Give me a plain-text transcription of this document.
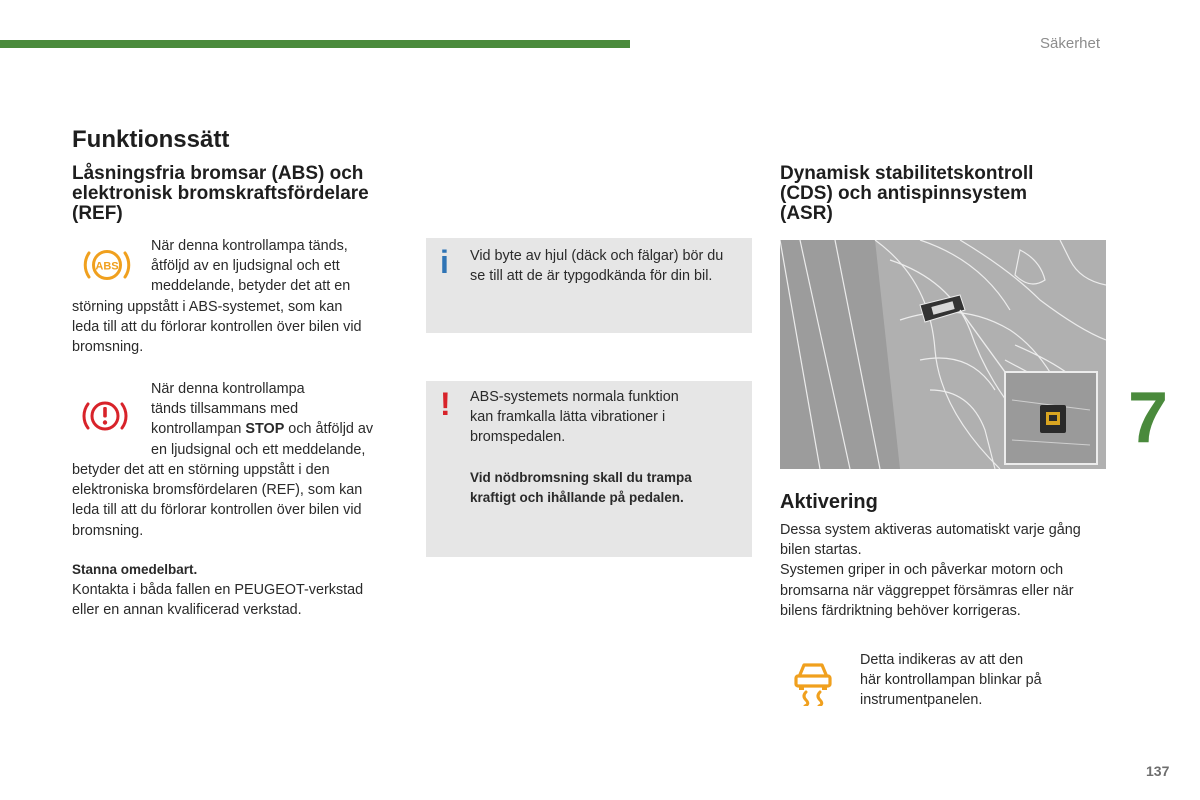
Säkerhet
Funktionssätt
Låsningsfria bromsar (ABS) och
elektronisk bromskraftsfördelare
(REF)
ABS
När denna kontrollampa tänds,
åtföljd av en ljudsignal och ett
meddelande, betyder det att en
störning uppstått i ABS-systemet, som kan
leda till att du förlorar kontrollen över bilen vid
bromsning.
När denna kontrollampa
tänds tillsammans med
kontrollampan STOP och åtföljd av
en ljudsignal och ett meddelande,
betyder det att en störning uppstått i den
elektroniska bromsfördelaren (REF), som kan
leda till att du förlorar kontrollen över bilen vid
bromsning.
Stanna omedelbart.
Kontakta i båda fallen en PEUGEOT-verkstad
eller en annan kvalificerad verkstad.
i Vid byte av hjul (däck och fälgar) bör du
se till att de är typgodkända för din bil.
! ABS-systemets normala funktion
kan framkalla lätta vibrationer i
bromspedalen.
Vid nödbromsning skall du trampa
kraftigt och ihållande på pedalen.
Dynamisk stabilitetskontroll
(CDS) och antispinnsystem
(ASR)
Aktivering
Dessa system aktiveras automatiskt varje gång
bilen startas.
Systemen griper in och påverkar motorn och
bromsarna när väggreppet försämras eller när
bilens färdriktning behöver korrigeras.
Detta indikeras av att den
här kontrollampan blinkar på
instrumentpanelen.
7
137
